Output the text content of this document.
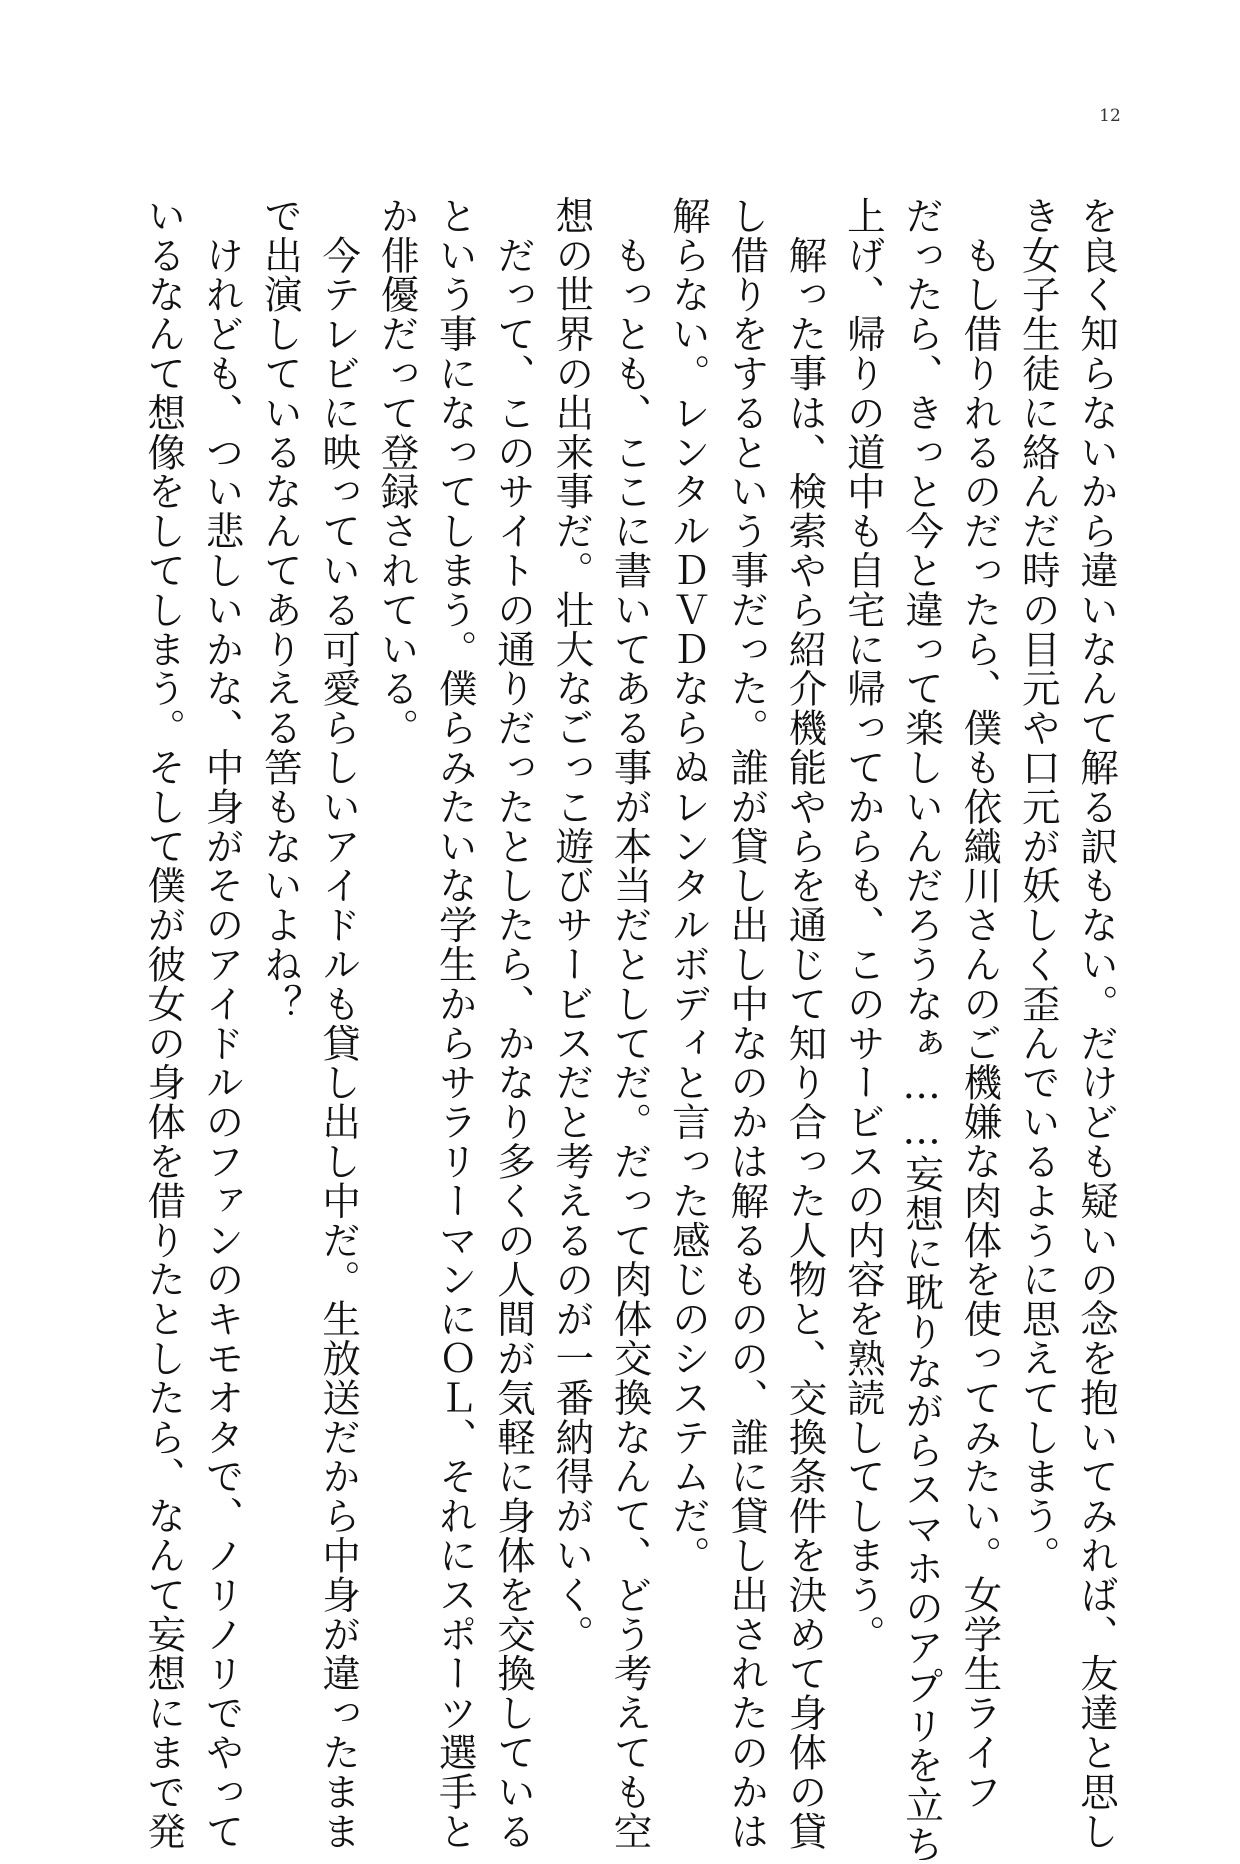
12

を良く知らないから違いなんて解る訳もない。だけども疑いの念を抱いてみれば、友達と思し

き女子生徒に絡んだ時の目元や口元が妖しく歪んでいるように思えてしまう。

　もし借りれるのだったら、僕も依織川さんのご機嫌な肉体を使ってみたい。女学生ライフ

だったら、きっと今と違って楽しいんだろうなぁ……妄想に耽りながらスマホのアプリを立ち

上げ、帰りの道中も自宅に帰ってからも、このサービスの内容を熟読してしまう。

　解った事は、検索やら紹介機能やらを通じて知り合った人物と、交換条件を決めて身体の貸

し借りをするという事だった。誰が貸し出し中なのかは解るものの、誰に貸し出されたのかは

解らない。レンタルＤＶＤならぬレンタルボディと言った感じのシステムだ。

　もっとも、ここに書いてある事が本当だとしてだ。だって肉体交換なんて、どう考えても空

想の世界の出来事だ。壮大なごっこ遊びサービスだと考えるのが一番納得がいく。

　だって、このサイトの通りだったとしたら、かなり多くの人間が気軽に身体を交換している

という事になってしまう。僕らみたいな学生からサラリーマンにＯＬ、それにスポーツ選手と

か俳優だって登録されている。

　今テレビに映っている可愛らしいアイドルも貸し出し中だ。生放送だから中身が違ったまま

で出演しているなんてありえる筈もないよね？

　けれども、つい悲しいかな、中身がそのアイドルのファンのキモオタで、ノリノリでやって

いるなんて想像をしてしまう。そして僕が彼女の身体を借りたとしたら、なんて妄想にまで発
